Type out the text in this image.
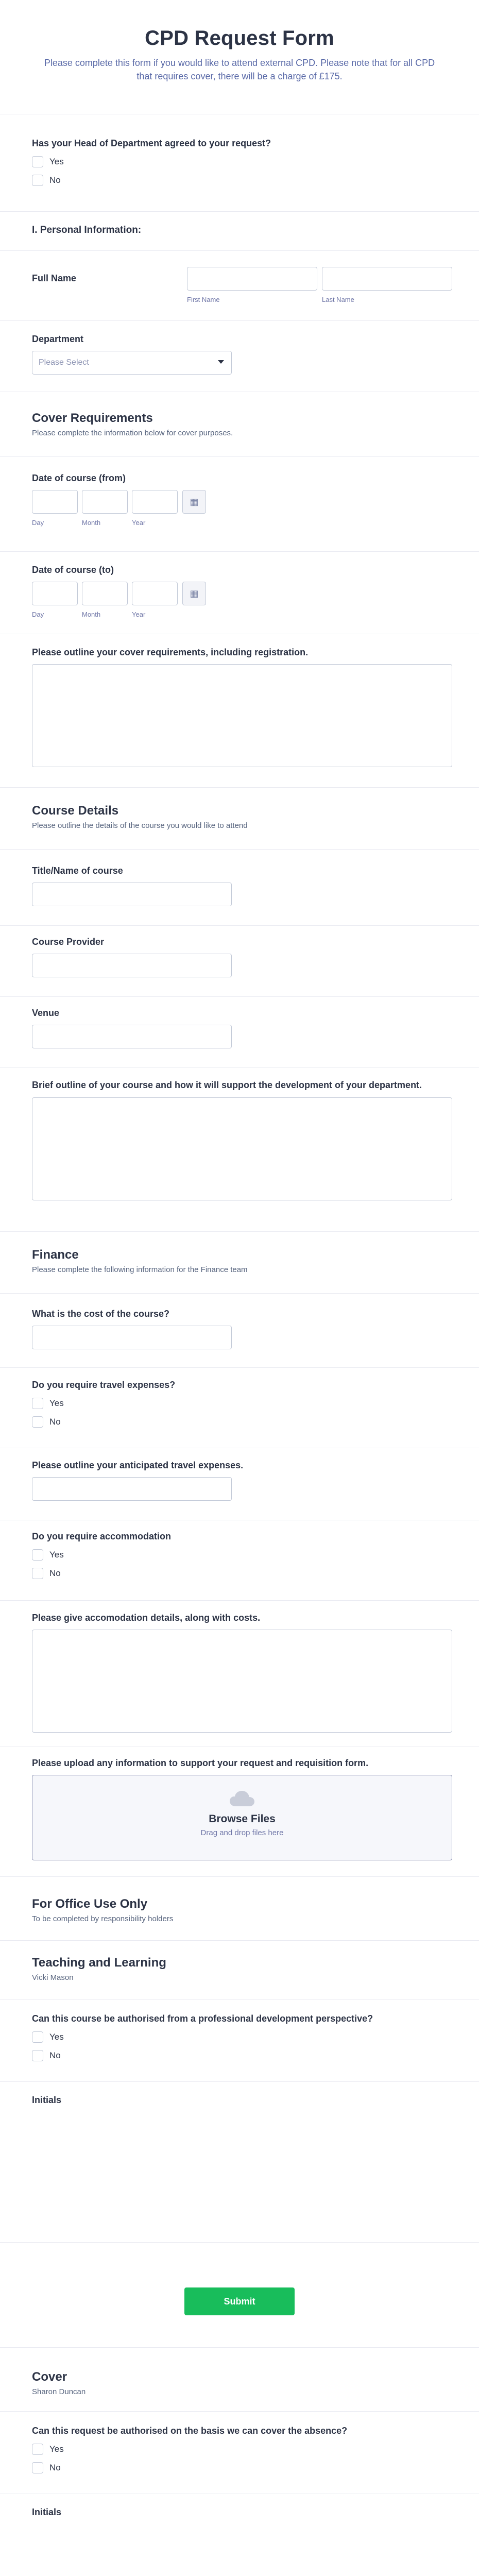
CPD Request Form

Please complete this form if you would like to attend external CPD. Please note that for all CPD that requires cover, there will be a charge of £175.

Has your Head of Department agreed to your request?
Yes
No
I. Personal Information:
Full Name
First Name	Last Name
Department
Please Select
Cover Requirements
Please complete the information below for cover purposes.
Date of course (from)
▦
Day	Month	Year
Date of course (to)
▦
Day	Month	Year
Please outline your cover requirements, including registration.
Course Details
Please outline the details of the course you would like to attend
Title/Name of course
Course Provider
Venue
Brief outline of your course and how it will support the development of your department.
Finance
Please complete the following information for the Finance team
What is the cost of the course?
Do you require travel expenses?
Yes
No
Please outline your anticipated travel expenses.
Do you require accommodation
Yes
No
Please give accomodation details, along with costs.
Please upload any information to support your request and requisition form.
Browse Files
Drag and drop files here
For Office Use Only
To be completed by responsibility holders
Teaching and Learning
Vicki Mason
Can this course be authorised from a professional development perspective?
Yes
No
Initials
Submit
Cover
Sharon Duncan
Can this request be authorised on the basis we can cover the absence?
Yes
No
Initials
